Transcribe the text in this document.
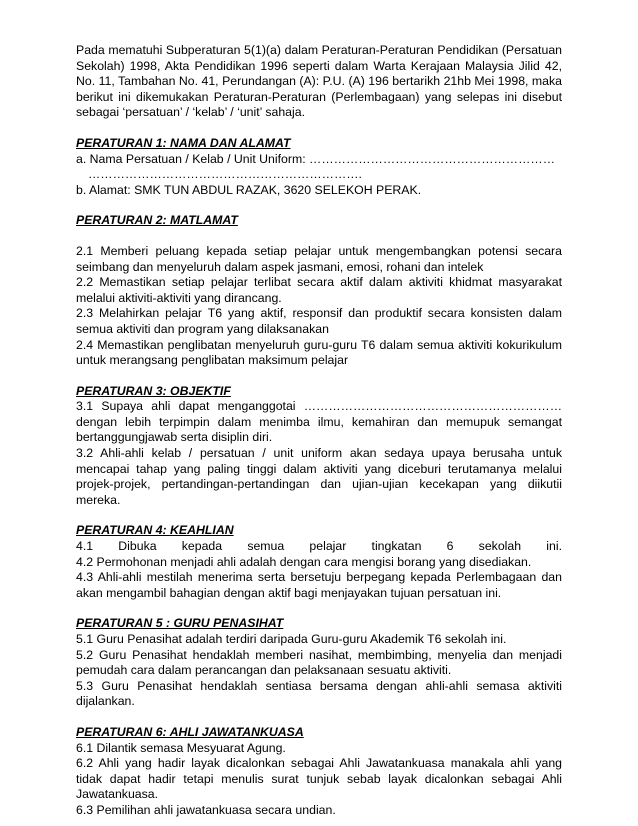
Pada mematuhi Subperaturan 5(1)(a) dalam Peraturan-Peraturan Pendidikan (Persatuan Sekolah) 1998, Akta Pendidikan 1996 seperti dalam Warta Kerajaan Malaysia Jilid 42, No. 11, Tambahan No. 41, Perundangan (A): P.U. (A) 196 bertarikh 21hb Mei 1998, maka berikut ini dikemukakan Peraturan-Peraturan (Perlembagaan) yang selepas ini disebut sebagai ‘persatuan’ / ‘kelab’ / ‘unit’ sahaja.

PERATURAN 1: NAMA DAN ALAMAT

a. Nama Persatuan / Kelab / Unit Uniform: ……………………………………………………

………………………………………………………….

b. Alamat: SMK TUN ABDUL RAZAK, 3620 SELEKOH PERAK.

PERATURAN 2: MATLAMAT

2.1 Memberi peluang kepada setiap pelajar untuk mengembangkan potensi secara seimbang dan menyeluruh dalam aspek jasmani, emosi, rohani dan intelek

2.2 Memastikan setiap pelajar terlibat secara aktif dalam aktiviti khidmat masyarakat melalui aktiviti-aktiviti yang dirancang.

2.3 Melahirkan pelajar T6 yang aktif, responsif dan produktif secara konsisten dalam semua aktiviti dan program yang dilaksanakan

2.4 Memastikan penglibatan menyeluruh guru-guru T6 dalam semua aktiviti kokurikulum untuk merangsang penglibatan maksimum pelajar

PERATURAN 3: OBJEKTIF

3.1 Supaya ahli dapat menganggotai ……………………………………………………… dengan lebih terpimpin dalam menimba ilmu, kemahiran dan memupuk semangat bertanggungjawab serta disiplin diri.

3.2 Ahli-ahli kelab / persatuan / unit uniform akan sedaya upaya berusaha untuk mencapai tahap yang paling tinggi dalam aktiviti yang diceburi terutamanya melalui projek-projek, pertandingan-pertandingan dan ujian-ujian kecekapan yang diikutii mereka.

PERATURAN 4: KEAHLIAN

4.1 Dibuka kepada semua pelajar tingkatan 6 sekolah ini.

4.2 Permohonan menjadi ahli adalah dengan cara mengisi borang yang disediakan.

4.3 Ahli-ahli mestilah menerima serta bersetuju berpegang kepada Perlembagaan dan akan mengambil bahagian dengan aktif bagi menjayakan tujuan persatuan ini.

PERATURAN 5 : GURU PENASIHAT

5.1 Guru Penasihat adalah terdiri daripada Guru-guru Akademik T6 sekolah ini.

5.2 Guru Penasihat hendaklah memberi nasihat, membimbing, menyelia dan menjadi pemudah cara dalam perancangan dan pelaksanaan sesuatu aktiviti.

5.3 Guru Penasihat hendaklah sentiasa bersama dengan ahli-ahli semasa aktiviti dijalankan.

PERATURAN 6: AHLI JAWATANKUASA

6.1 Dilantik semasa Mesyuarat Agung.

6.2 Ahli yang hadir layak dicalonkan sebagai Ahli Jawatankuasa manakala ahli yang tidak dapat hadir tetapi menulis surat tunjuk sebab layak dicalonkan sebagai Ahli Jawatankuasa.

6.3 Pemilihan ahli jawatankuasa secara undian.
